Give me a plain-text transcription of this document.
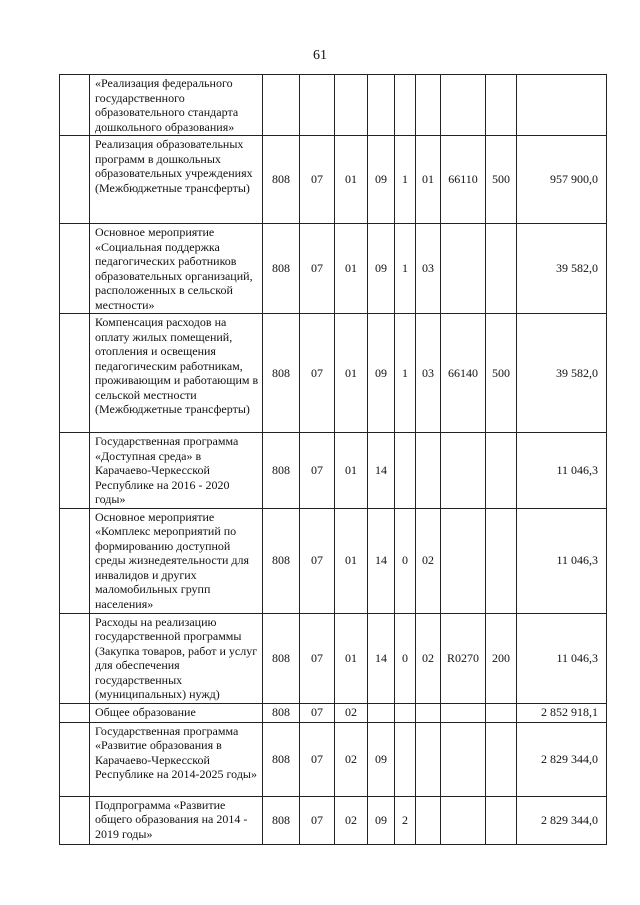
61
	«Реализация федерального государственного образовательного стандарта дошкольного образования»									
	Реализация образовательных программ в дошкольных образовательных учреждениях (Межбюджетные трансферты)	808	07	01	09	1	01	66110	500	957 900,0
	Основное мероприятие «Социальная поддержка педагогических работников образовательных организаций, расположенных в сельской местности»	808	07	01	09	1	03			39 582,0
	Компенсация расходов на оплату жилых помещений, отопления и освещения педагогическим работникам, проживающим и работающим в сельской местности (Межбюджетные трансферты)	808	07	01	09	1	03	66140	500	39 582,0
	Государственная программа «Доступная среда» в Карачаево-Черкесской Республике на 2016 - 2020 годы»	808	07	01	14					11 046,3
	Основное мероприятие «Комплекс мероприятий по формированию доступной среды жизнедеятельности для инвалидов и других маломобильных групп населения»	808	07	01	14	0	02			11 046,3
	Расходы на реализацию государственной программы (Закупка товаров, работ и услуг для обеспечения государственных (муниципальных) нужд)	808	07	01	14	0	02	R0270	200	11 046,3
	Общее образование	808	07	02						2 852 918,1
	Государственная программа «Развитие образования в Карачаево-Черкесской Республике на 2014-2025 годы»	808	07	02	09					2 829 344,0
	Подпрограмма «Развитие общего образования на 2014 - 2019 годы»	808	07	02	09	2				2 829 344,0
